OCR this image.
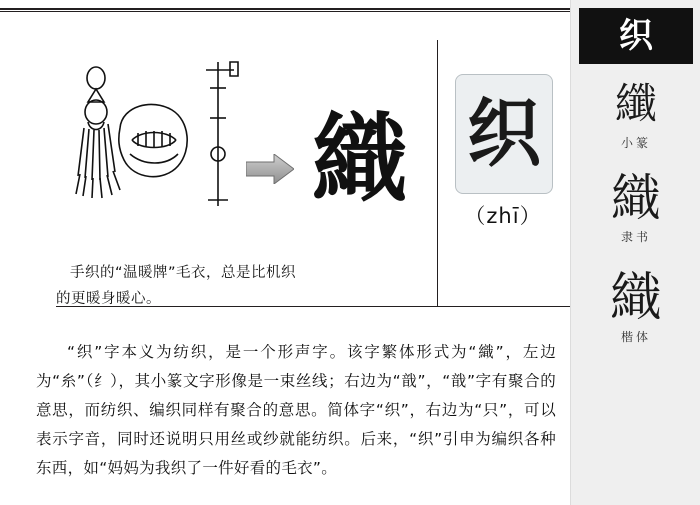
織 织
（zhī）
手织的“温暖牌”毛衣，总是比机织
的更暖身暖心。

“织”字本义为纺织，是一个形声字。该字繁体形式为“織”，左边为“糸”（纟），其小篆文字形像是一束丝线；右边为“戠”，“戠”字有聚合的意思，而纺织、编织同样有聚合的意思。简体字“织”，右边为“只”，可以表示字音，同时还说明只用丝或纱就能纺织。后来，“织”引申为编织各种东西，如“妈妈为我织了一件好看的毛衣”。

织
纖
小篆
織
隶书
織
楷体
